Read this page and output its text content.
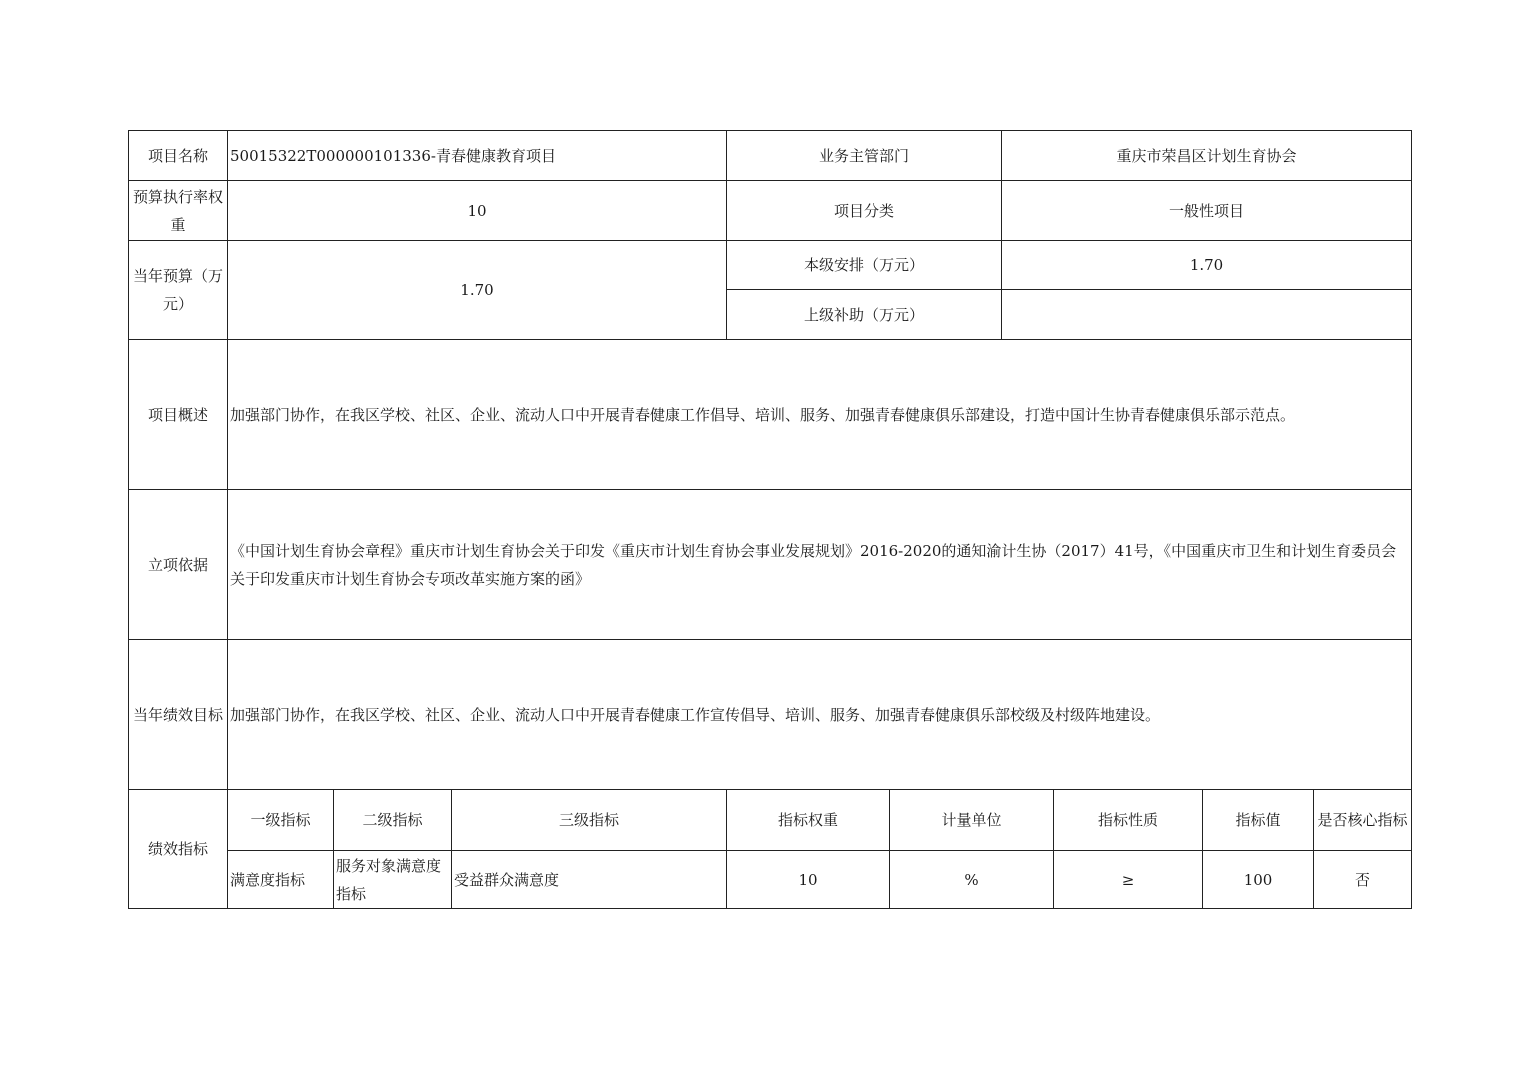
项目名称	50015322T000000101336-青春健康教育项目			业务主管部门		重庆市荣昌区计划生育协会			
预算执行率权重	10			项目分类		一般性项目			
当年预算（万元）	1.70			本级安排（万元）		1.70			
				上级补助（万元）					
项目概述	加强部门协作，在我区学校、社区、企业、流动人口中开展青春健康工作倡导、培训、服务、加强青春健康俱乐部建设，打造中国计生协青春健康俱乐部示范点。								
立项依据	《中国计划生育协会章程》重庆市计划生育协会关于印发《重庆市计划生育协会事业发展规划》2016-2020的通知渝计生协（2017）41号，《中国重庆市卫生和计划生育委员会关于印发重庆市计划生育协会专项改革实施方案的函》								
当年绩效目标	加强部门协作，在我区学校、社区、企业、流动人口中开展青春健康工作宣传倡导、培训、服务、加强青春健康俱乐部校级及村级阵地建设。								
绩效指标	一级指标	二级指标	三级指标	指标权重	计量单位		指标性质	指标值	是否核心指标
	满意度指标	服务对象满意度指标	受益群众满意度	10	%		≥	100	否
